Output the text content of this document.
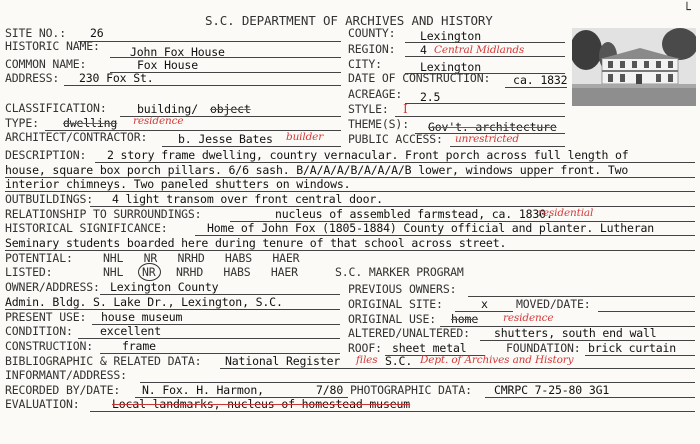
S.C. DEPARTMENT OF ARCHIVES AND HISTORY
└
SITE NO.: 26	COUNTY: Lexington
HISTORIC NAME:	John Fox House	REGION: 4 Central Midlands
COMMON NAME:	Fox House	CITY:	Lexington
ADDRESS: 230 Fox St.	DATE OF CONSTRUCTION: c a. 1832
ACREAGE: 2.5
CLASSIFICATION:	building/ object	STYLE: I
TYPE: dwelling residence	THEME(S): Gov't. architecture
ARCHITECT/CONTRACTOR:	b. Jesse Bates builder PUBLIC ACCESS: unrestricted
DESCRIPTION: 2 story frame dwelling, country vernacular. Front porch across full length of
house, square box porch pillars. 6/6 sash. B/A/A/A/B/A/A/A/B lower, windows upper front. Two
interior chimneys. Two paneled shutters on windows.
OUTBUILDINGS: 4 light transom over front central door.
RELATIONSHIP TO SURROUNDINGS:	nucleus of assembled farmstead, ca. 1830.
residential
HISTORICAL SIGNIFICANCE:	Home of John Fox (1805-1884) County official and planter. Lutheran
Seminary students boarded here during tenure of that school across street.
POTENTIAL:	NHL   NR   NRHD   HABS   HAER
LISTED:	NHL NR NRHD   HABS   HAER	S.C. MARKER PROGRAM
OWNER/ADDRESS: Lexington County	PREVIOUS OWNERS:
Admin. Bldg. S. Lake Dr., Lexington, S.C.	ORIGINAL SITE:	x MOVED/DATE:
PRESENT USE: house museum	ORIGINAL USE: home residence
CONDITION: excellent	ALTERED/UNALTERED: shutters, south end wall
CONSTRUCTION:	frame	ROOF: sheet metal	FOUNDATION: brick curtain
BIBLIOGRAPHIC & RELATED DATA: National Register files S.C. Dept. of Archives and History
INFORMANT/ADDRESS:
RECORDED BY/DATE: N. Fox. H. Harmon,	7/80 PHOTOGRAPHIC DATA: CMRPC 7-25-80 3G1
EVALUATION:	Local landmarks, nucleus of homestead museum
